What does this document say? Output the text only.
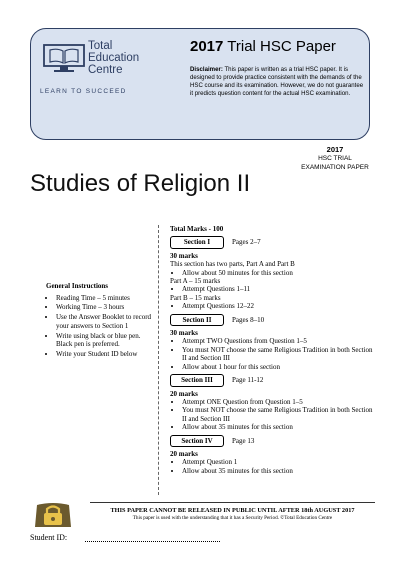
Total
Education
Centre
LEARN TO SUCCEED
2017 Trial HSC Paper
Disclaimer: This paper is written as a trial HSC paper. It is designed to provide practice consistent with the demands of the HSC course and its examination. However, we do not guarantee it predicts question content for the actual HSC examination.
2017
HSC TRIAL
EXAMINATION PAPER
Studies of Religion II
General Instructions
• Reading Time – 5 minutes
• Working Time – 3 hours
• Use the Answer Booklet to record your answers to Section 1
• Write using black or blue pen. Black pen is preferred.
• Write your Student ID below
Total Marks - 100
Section I	Pages 2–7

30 marks

This section has two parts, Part A and Part B

• Allow about 50 minutes for this section

Part A – 15 marks

• Attempt Questions 1–11

Part B – 15 marks

• Attempt Questions 12–22
Section II	Pages 8–10

30 marks

• Attempt TWO Questions from Question 1–5
• You must NOT choose the same Religious Tradition in both Section II and Section III
• Allow about 1 hour for this section
Section III	Page 11-12

20 marks

• Attempt ONE Question from Question 1–5
• You must NOT choose the same Religious Tradition in both Section II and Section III
• Allow about 35 minutes for this section
Section IV	Page 13

20 marks

• Attempt Question 1
• Allow about 35 minutes for this section
THIS PAPER CANNOT BE RELEASED IN PUBLIC UNTIL AFTER 18th AUGUST 2017
This paper is used with the understanding that it has a Security Period. ©Total Education Centre
Student ID:
